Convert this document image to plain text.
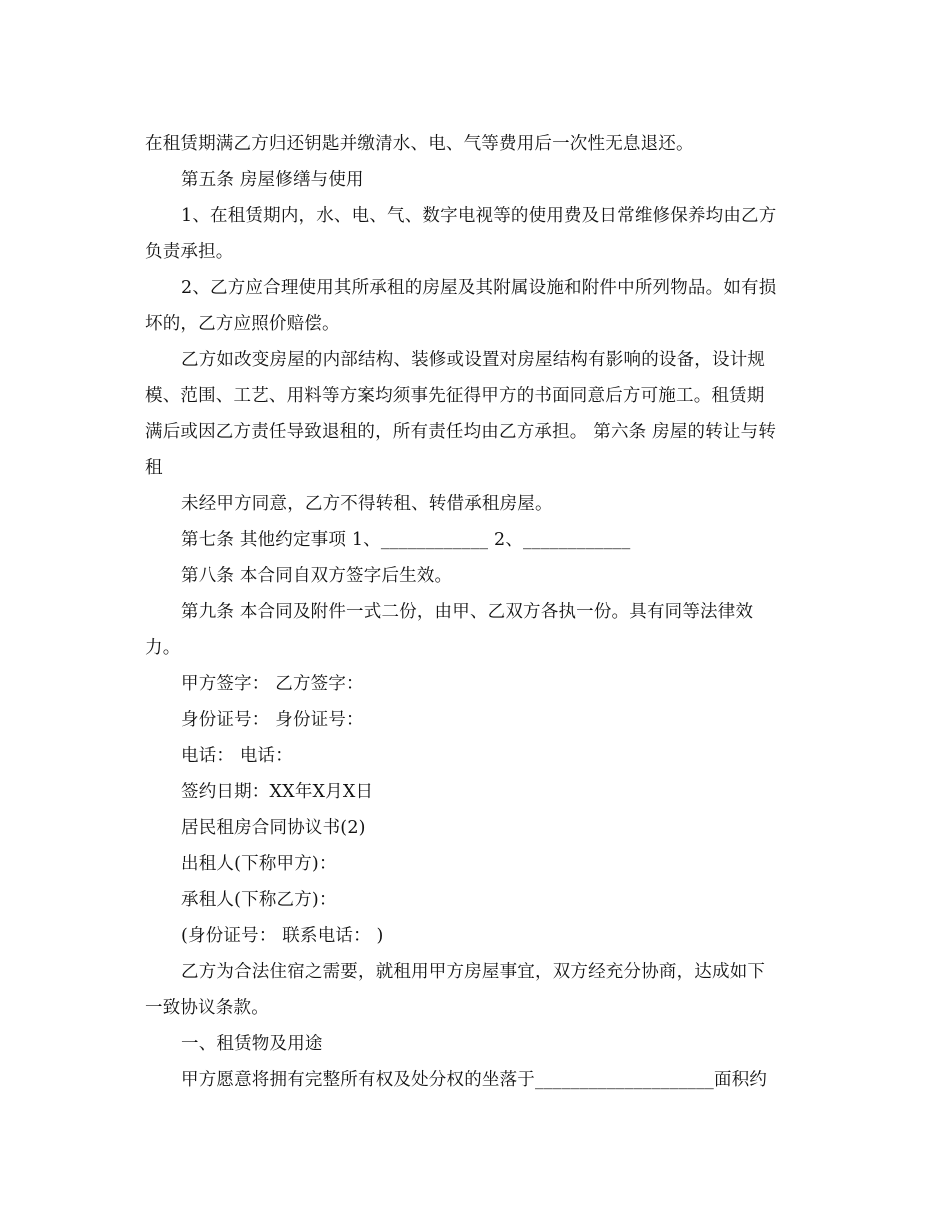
在租赁期满乙方归还钥匙并缴清水、电、气等费用后一次性无息退还。
第五条 房屋修缮与使用
1、在租赁期内，水、电、气、数字电视等的使用费及日常维修保养均由乙方
负责承担。
2、乙方应合理使用其所承租的房屋及其附属设施和附件中所列物品。如有损
坏的，乙方应照价赔偿。
乙方如改变房屋的内部结构、装修或设置对房屋结构有影响的设备，设计规
模、范围、工艺、用料等方案均须事先征得甲方的书面同意后方可施工。租赁期
满后或因乙方责任导致退租的，所有责任均由乙方承担。 第六条 房屋的转让与转
租
未经甲方同意，乙方不得转租、转借承租房屋。
第七条 其他约定事项 1、____________ 2、____________
第八条 本合同自双方签字后生效。
第九条 本合同及附件一式二份，由甲、乙双方各执一份。具有同等法律效
力。
甲方签字： 乙方签字：
身份证号： 身份证号：
电话： 电话：
签约日期：XX年X月X日
居民租房合同协议书(2)
出租人(下称甲方)：
承租人(下称乙方)：
(身份证号： 联系电话： )
乙方为合法住宿之需要，就租用甲方房屋事宜，双方经充分协商，达成如下
一致协议条款。
一、租赁物及用途
甲方愿意将拥有完整所有权及处分权的坐落于____________________面积约
